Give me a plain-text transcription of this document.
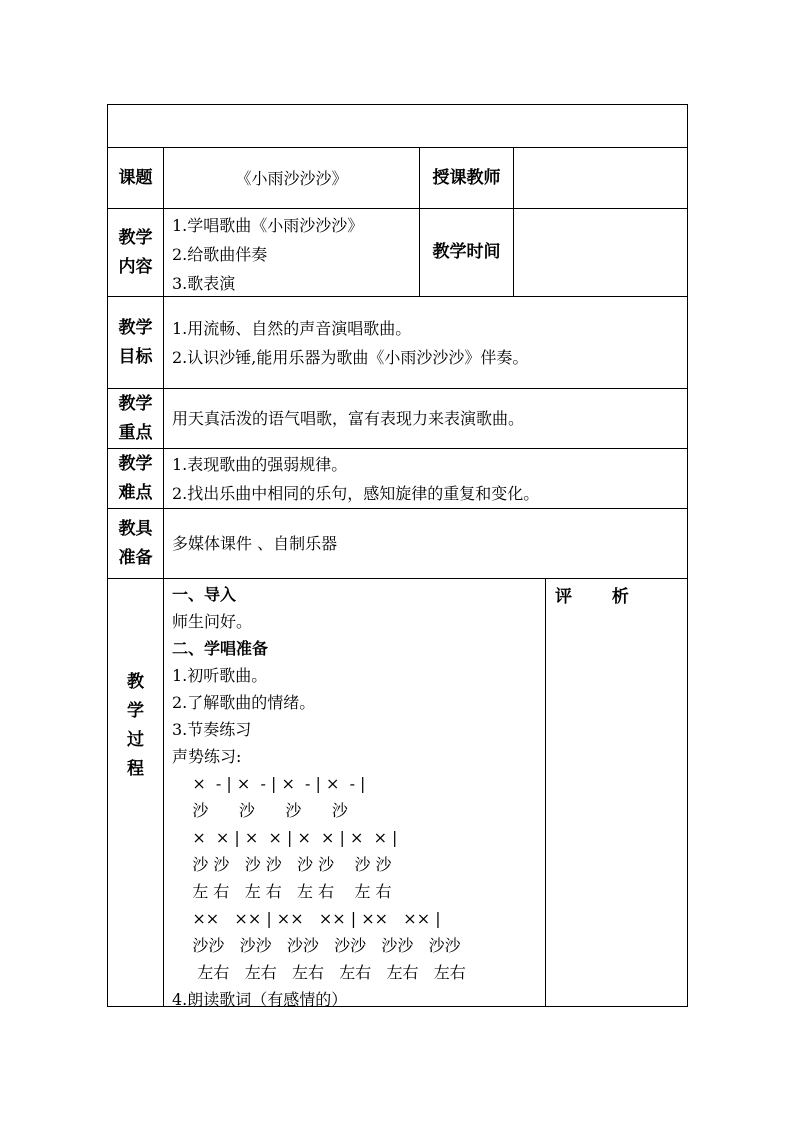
课题	《小雨沙沙沙》	授课教师
教学
内容
1.学唱歌曲《小雨沙沙沙》
2.给歌曲伴奏
3.歌表演
教学时间
教学
目标
1.用流畅、自然的声音演唱歌曲。
2.认识沙锤,能用乐器为歌曲《小雨沙沙沙》伴奏。
教学
重点
用天真活泼的语气唱歌，富有表现力来表演歌曲。
教学
难点
1.表现歌曲的强弱规律。
2.找出乐曲中相同的乐句，感知旋律的重复和变化。
教具
准备
多媒体课件 、自制乐器
教
学
过
程
一、导入
师生问好。
二、学唱准备
1.初听歌曲。
2.了解歌曲的情绪。
3.节奏练习
声势练习:
×  - | ×  - | ×  - | ×  - |
沙      沙      沙      沙
×  × | ×  × | ×  × | ×  × |
沙 沙   沙 沙   沙 沙    沙 沙
左 右   左 右   左 右    左 右
××   ×× | ××   ×× | ××   ×× |
沙沙   沙沙   沙沙   沙沙   沙沙   沙沙
左右   左右   左右   左右   左右   左右
4.朗读歌词（有感情的）
评　　 析
